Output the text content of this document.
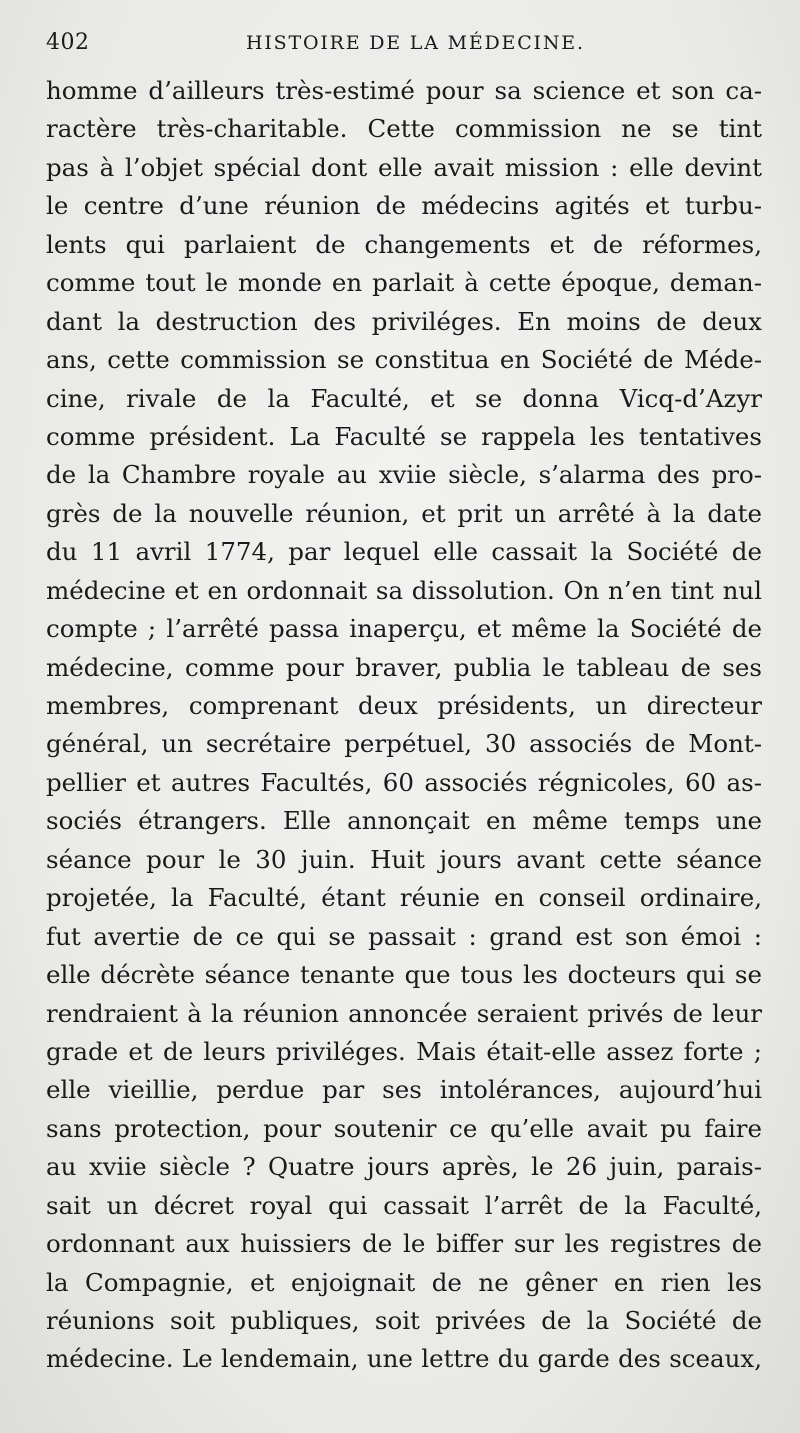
402	HISTOIRE DE LA MÉDECINE.
homme d’ailleurs très-estimé pour sa science et son ca-
ractère très-charitable. Cette commission ne se tint
pas à l’objet spécial dont elle avait mission : elle devint
le centre d’une réunion de médecins agités et turbu-
lents qui parlaient de changements et de réformes,
comme tout le monde en parlait à cette époque, deman-
dant la destruction des priviléges. En moins de deux
ans, cette commission se constitua en Société de Méde-
cine, rivale de la Faculté, et se donna Vicq-d’Azyr
comme président. La Faculté se rappela les tentatives
de la Chambre royale au xviie siècle, s’alarma des pro-
grès de la nouvelle réunion, et prit un arrêté à la date
du 11 avril 1774, par lequel elle cassait la Société de
médecine et en ordonnait sa dissolution. On n’en tint nul
compte ; l’arrêté passa inaperçu, et même la Société de
médecine, comme pour braver, publia le tableau de ses
membres, comprenant deux présidents, un directeur
général, un secrétaire perpétuel, 30 associés de Mont-
pellier et autres Facultés, 60 associés régnicoles, 60 as-
sociés étrangers. Elle annonçait en même temps une
séance pour le 30 juin. Huit jours avant cette séance
projetée, la Faculté, étant réunie en conseil ordinaire,
fut avertie de ce qui se passait : grand est son émoi :
elle décrète séance tenante que tous les docteurs qui se
rendraient à la réunion annoncée seraient privés de leur
grade et de leurs priviléges. Mais était-elle assez forte ;
elle vieillie, perdue par ses intolérances, aujourd’hui
sans protection, pour soutenir ce qu’elle avait pu faire
au xviie siècle ? Quatre jours après, le 26 juin, parais-
sait un décret royal qui cassait l’arrêt de la Faculté,
ordonnant aux huissiers de le biffer sur les registres de
la Compagnie, et enjoignait de ne gêner en rien les
réunions soit publiques, soit privées de la Société de
médecine. Le lendemain, une lettre du garde des sceaux,
